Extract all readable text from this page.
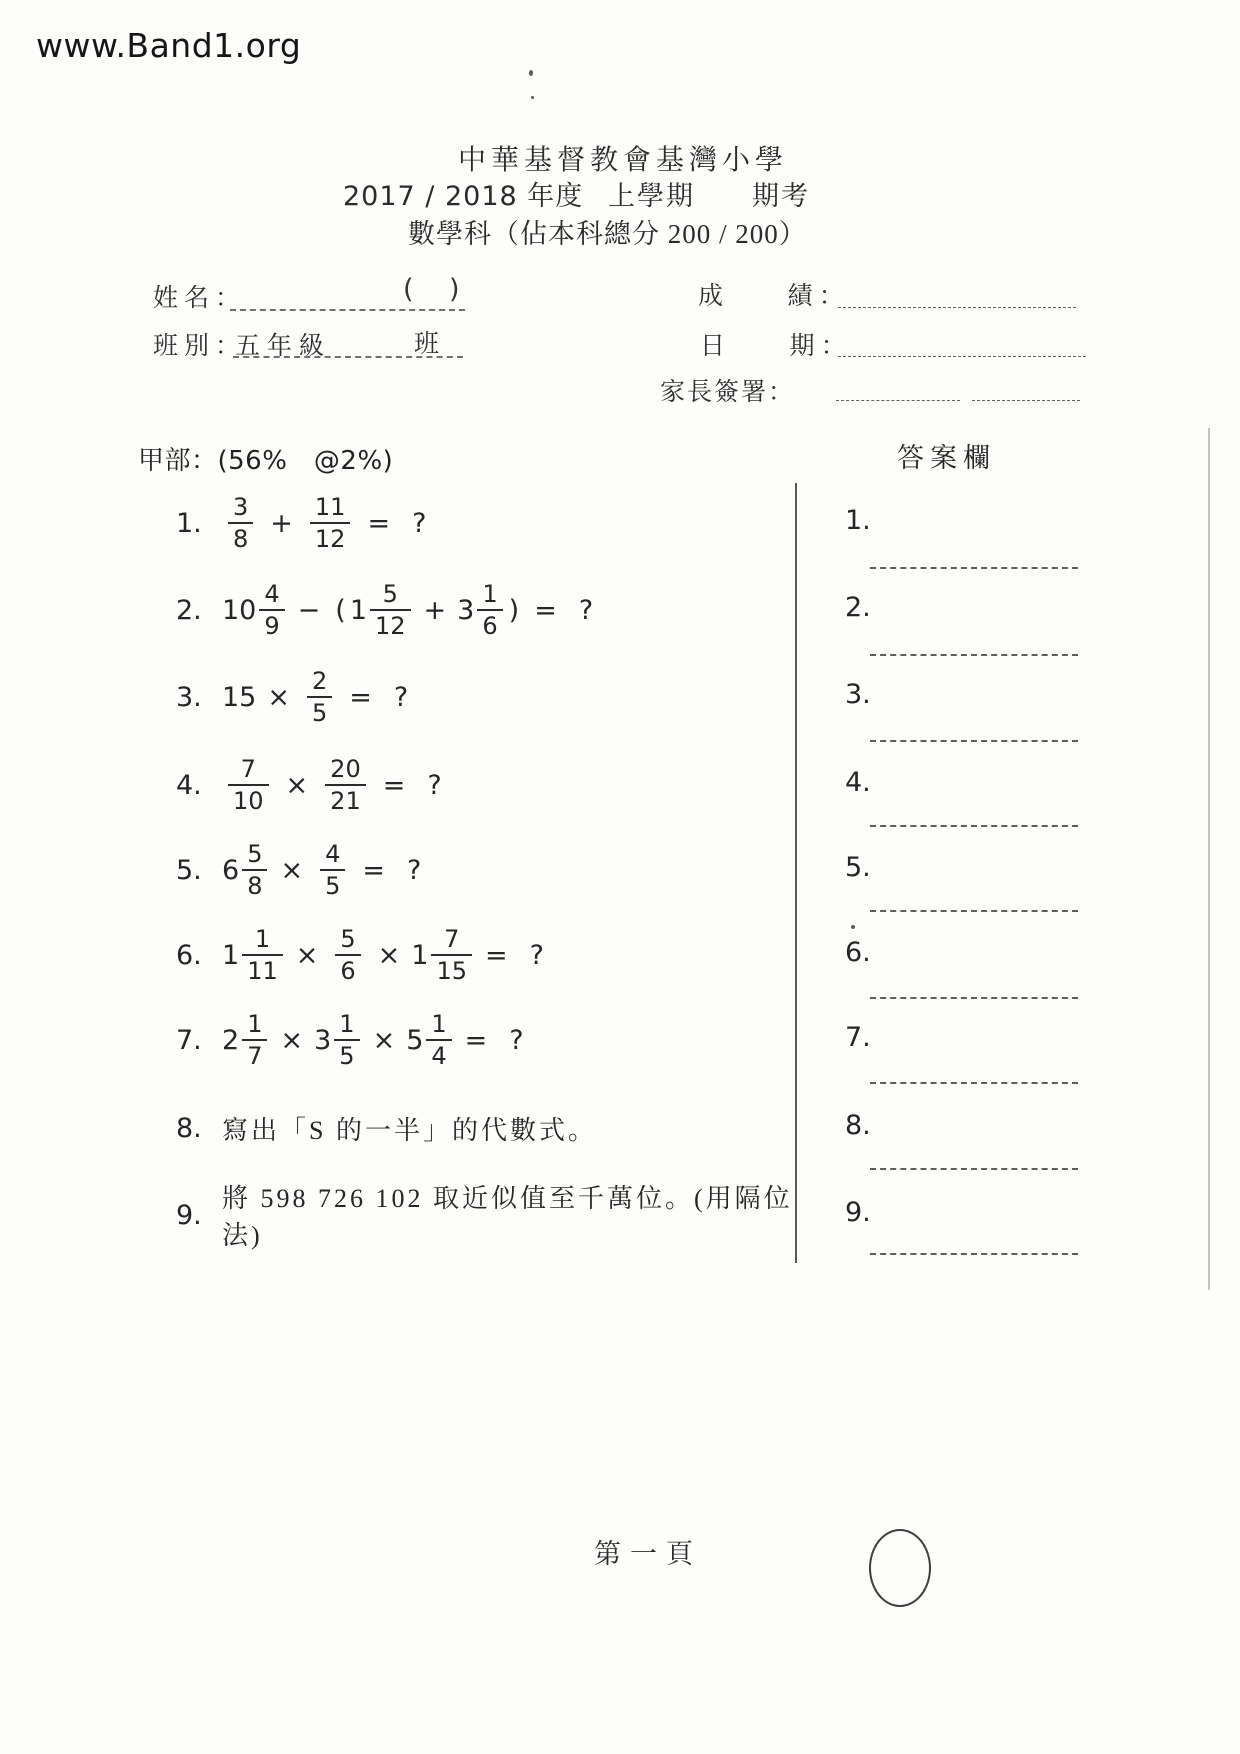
www.Band1.org
中華基督教會基灣小學
2017 / 2018 年度 上學期 期考
數學科（佔本科總分 200 / 200）
姓名：	( )
班別：
五年級	班
成	績 ：
日	期 ：
家長簽署：
甲部：(56%　@2%)	答案欄
1.	$\frac{3}{8} + \frac{11}{12}$ = ?
2. $10 \frac{4}{9}$ − ( $1 \frac{5}{12} + 3 \frac{1}{6}$ ) = ?
3. $15 \times \frac{2}{5}$ = ?
4.	$\frac{7}{10} \times \frac{20}{21}$ = ?
5. $6 \frac{5}{8} \times \frac{4}{5}$ = ?
6. $1 \frac{1}{11} \times \frac{5}{6} \times 1 \frac{7}{15}$ = ?
7. $2 \frac{1}{7} \times 3 \frac{1}{5} \times 5 \frac{1}{4}$ = ?
8. 寫出「S 的一半」的代數式。
9.
將 598 726 102 取近似值至千萬位。(用隔位法)
1.
2.
3.
4.
5.
6.
7.
8.
9.
第一頁
